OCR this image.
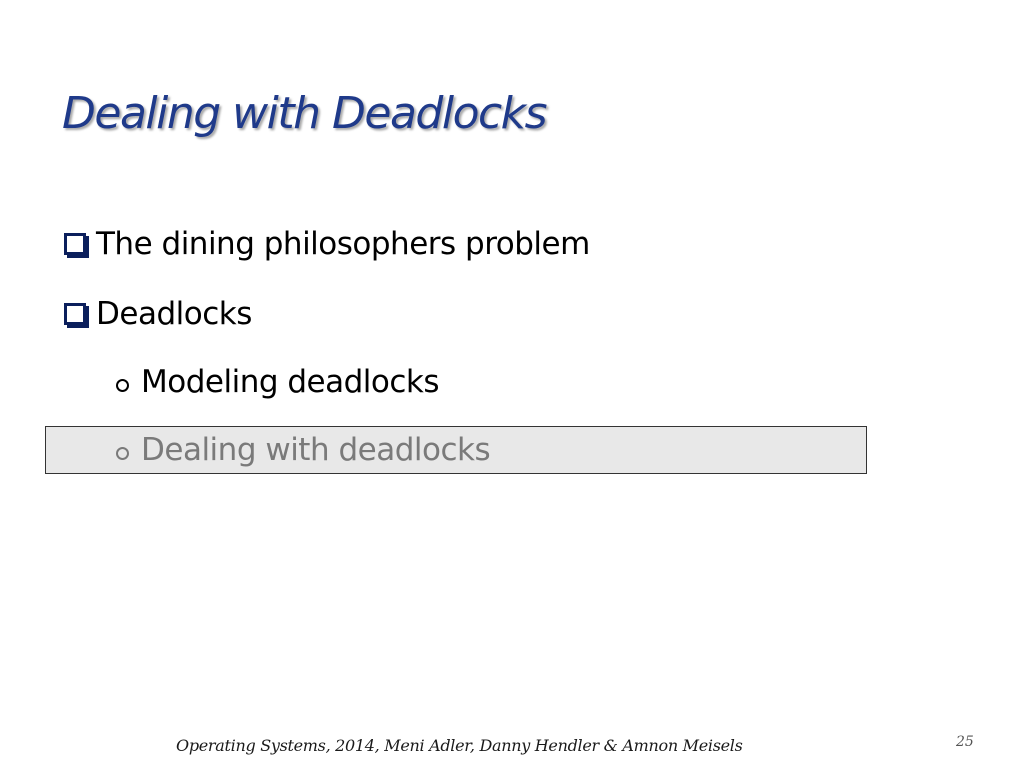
Dealing with Deadlocks
The dining philosophers problem
Deadlocks
Modeling deadlocks
Dealing with deadlocks
Operating Systems, 2014, Meni Adler, Danny Hendler & Amnon Meisels	25
